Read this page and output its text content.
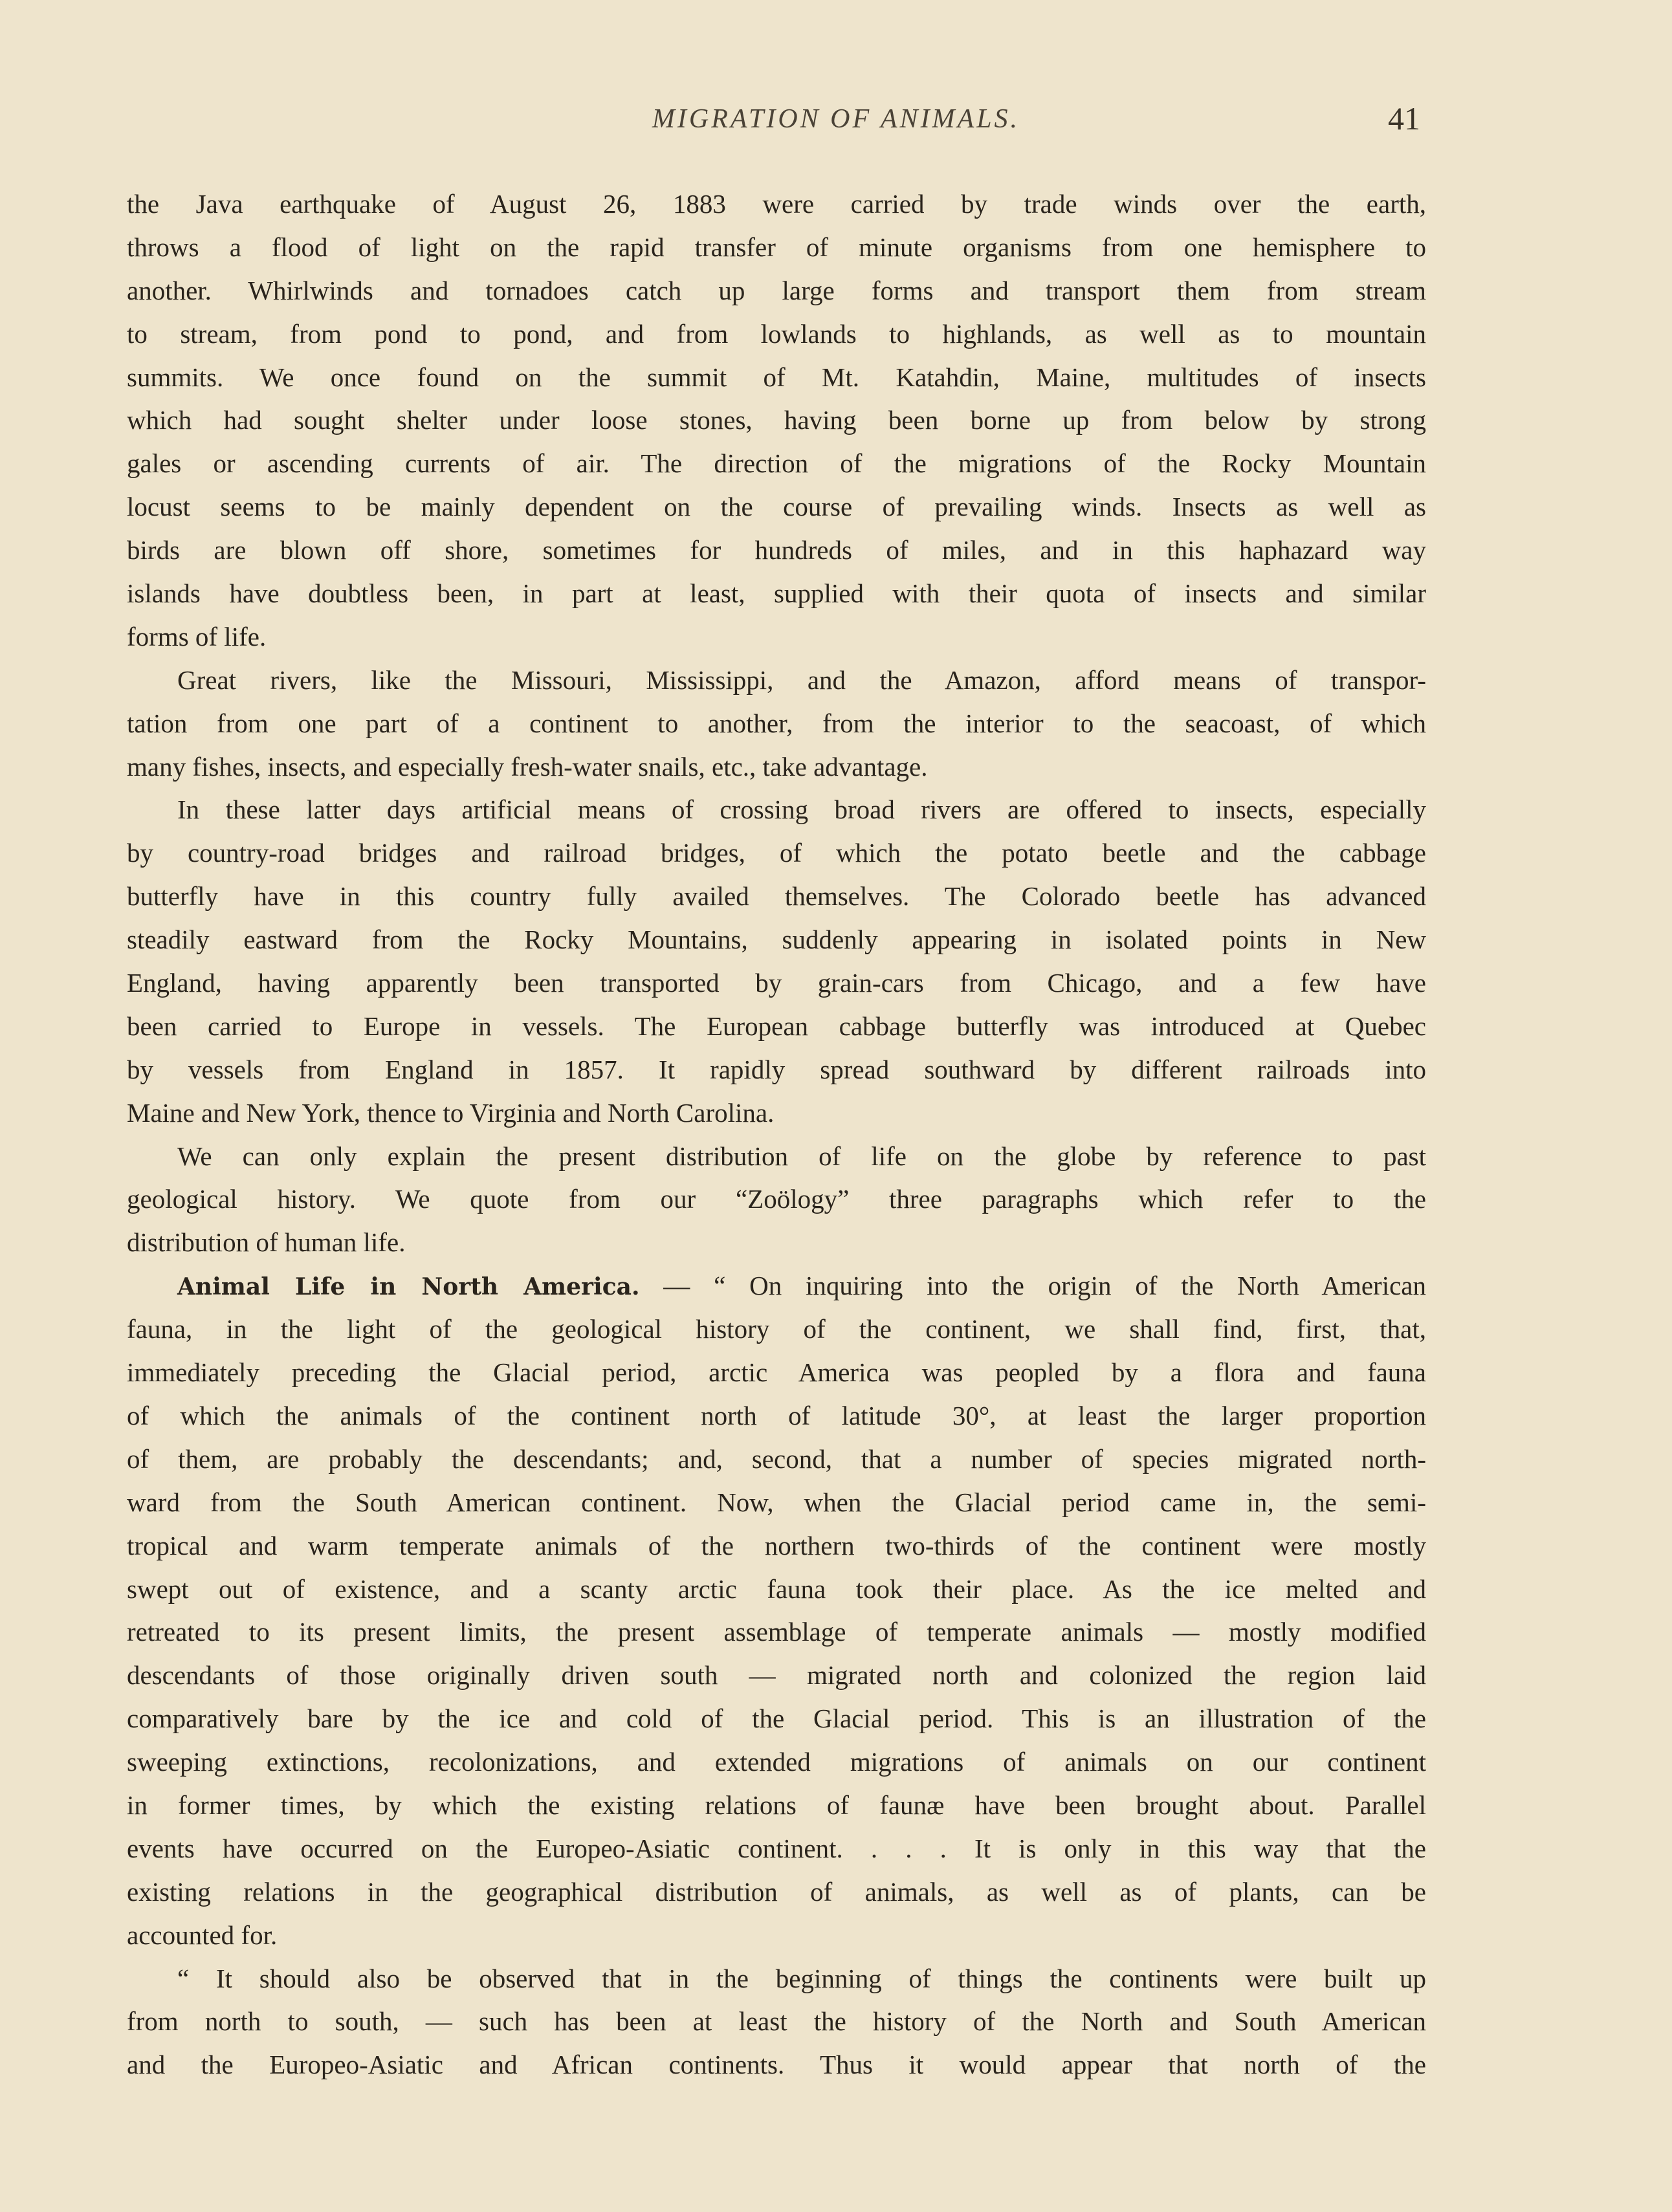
MIGRATION OF ANIMALS.	41
the Java earthquake of August 26, 1883 were carried by trade winds over the earth,
throws a flood of light on the rapid transfer of minute organisms from one hemisphere to
another. Whirlwinds and tornadoes catch up large forms and transport them from stream
to stream, from pond to pond, and from lowlands to highlands, as well as to mountain
summits. We once found on the summit of Mt. Katahdin, Maine, multitudes of insects
which had sought shelter under loose stones, having been borne up from below by strong
gales or ascending currents of air. The direction of the migrations of the Rocky Mountain
locust seems to be mainly dependent on the course of prevailing winds. Insects as well as
birds are blown off shore, sometimes for hundreds of miles, and in this haphazard way
islands have doubtless been, in part at least, supplied with their quota of insects and similar
forms of life.
Great rivers, like the Missouri, Mississippi, and the Amazon, afford means of transpor-
tation from one part of a continent to another, from the interior to the seacoast, of which
many fishes, insects, and especially fresh-water snails, etc., take advantage.
In these latter days artificial means of crossing broad rivers are offered to insects, especially
by country-road bridges and railroad bridges, of which the potato beetle and the cabbage
butterfly have in this country fully availed themselves. The Colorado beetle has advanced
steadily eastward from the Rocky Mountains, suddenly appearing in isolated points in New
England, having apparently been transported by grain-cars from Chicago, and a few have
been carried to Europe in vessels. The European cabbage butterfly was introduced at Quebec
by vessels from England in 1857. It rapidly spread southward by different railroads into
Maine and New York, thence to Virginia and North Carolina.
We can only explain the present distribution of life on the globe by reference to past
geological history. We quote from our “Zoölogy” three paragraphs which refer to the
distribution of human life.
Animal Life in North America. — “ On inquiring into the origin of the North American
fauna, in the light of the geological history of the continent, we shall find, first, that,
immediately preceding the Glacial period, arctic America was peopled by a flora and fauna
of which the animals of the continent north of latitude 30°, at least the larger proportion
of them, are probably the descendants; and, second, that a number of species migrated north-
ward from the South American continent. Now, when the Glacial period came in, the semi-
tropical and warm temperate animals of the northern two-thirds of the continent were mostly
swept out of existence, and a scanty arctic fauna took their place. As the ice melted and
retreated to its present limits, the present assemblage of temperate animals — mostly modified
descendants of those originally driven south — migrated north and colonized the region laid
comparatively bare by the ice and cold of the Glacial period. This is an illustration of the
sweeping extinctions, recolonizations, and extended migrations of animals on our continent
in former times, by which the existing relations of faunæ have been brought about. Parallel
events have occurred on the Europeo-Asiatic continent. . . . It is only in this way that the
existing relations in the geographical distribution of animals, as well as of plants, can be
accounted for.
“ It should also be observed that in the beginning of things the continents were built up
from north to south, — such has been at least the history of the North and South American
and the Europeo-Asiatic and African continents. Thus it would appear that north of the
